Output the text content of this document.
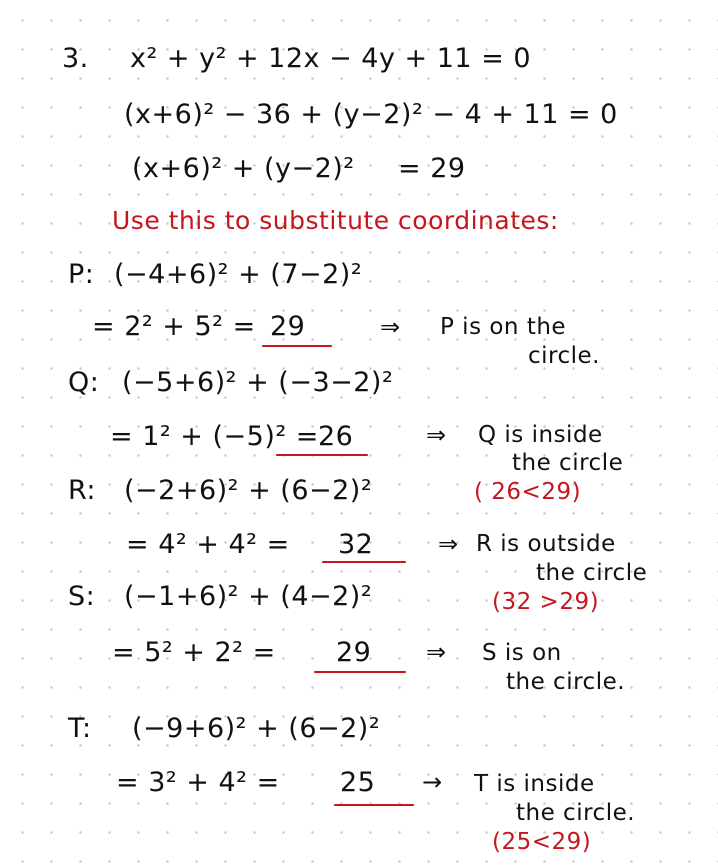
3. x² + y² + 12x − 4y + 11 = 0
(x+6)² − 36 + (y−2)² − 4 + 11 = 0
(x+6)² + (y−2)² = 29
Use this to substitute coordinates:
P: (−4+6)² + (7−2)²
= 2² + 5² = 29	⇒ P is on the
circle.
Q: (−5+6)² + (−3−2)²
= 1² + (−5)² = 26	⇒ Q is inside
the circle
( 26<29)
R: (−2+6)² + (6−2)²
= 4² + 4² = 32	⇒ R is outside
the circle
(32 >29)
S: (−1+6)² + (4−2)²
= 5² + 2² = 29 ⇒ S is on
the circle.
T: (−9+6)² + (6−2)²
= 3² + 4² = 25 → T is inside
the circle.
(25<29)
